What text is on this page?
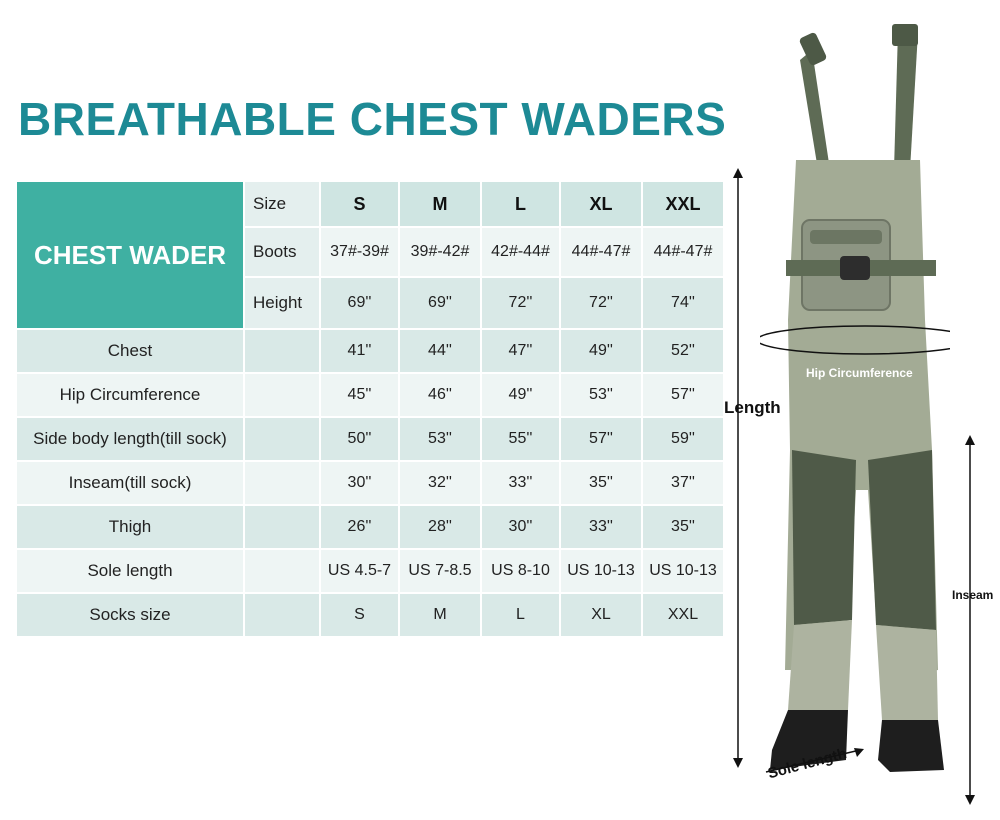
BREATHABLE CHEST WADERS
CHEST WADER	Size	S	M	L	XL	XXL
	Boots	37#-39#	39#-42#	42#-44#	44#-47#	44#-47#
	Height	69''	69''	72''	72''	74''
Chest		41''	44''	47''	49''	52''
Hip Circumference		45''	46''	49''	53''	57''
Side body length(till sock)		50''	53''	55''	57''	59''
Inseam(till sock)		30''	32''	33''	35''	37''
Thigh		26''	28''	30''	33''	35''
Sole length		US 4.5-7	US 7-8.5	US 8-10	US 10-13	US 10-13
Socks size		S	M	L	XL	XXL
Hip Circumference
Length
Inseam
Sole length
